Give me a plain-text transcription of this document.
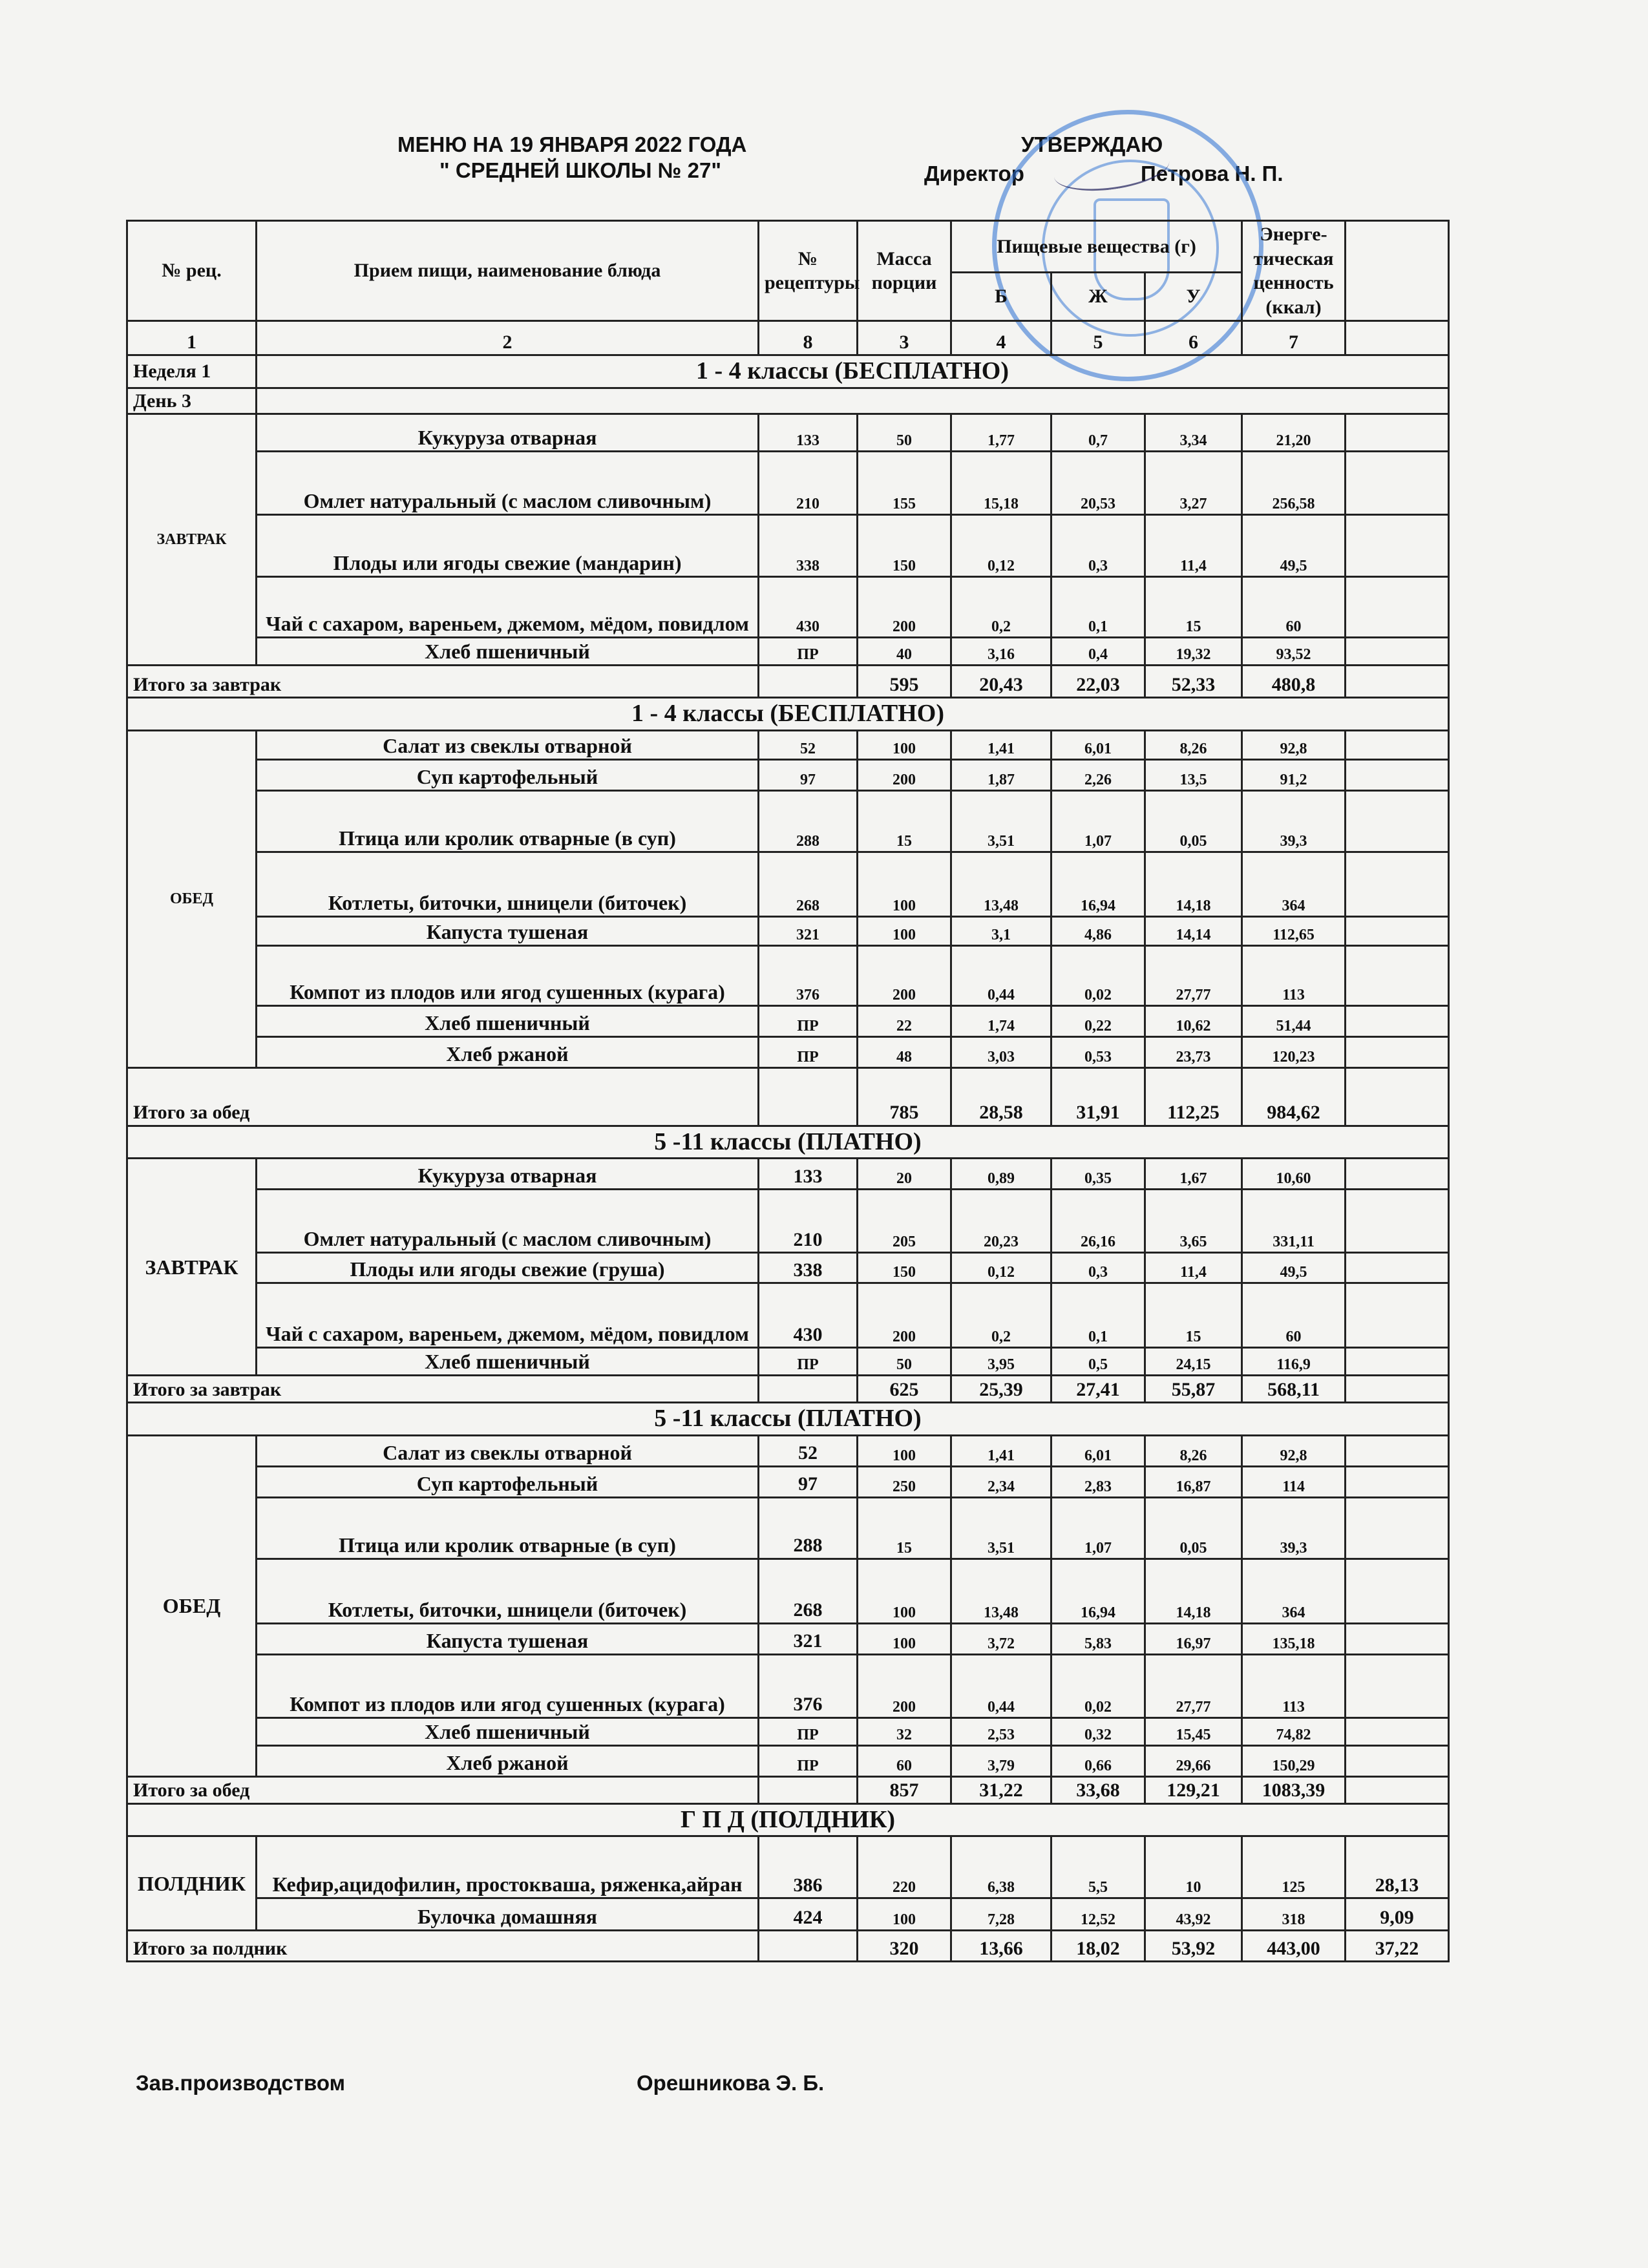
МЕНЮ НА 19 ЯНВАРЯ 2022 ГОДА
" СРЕДНЕЙ ШКОЛЫ № 27"
УТВЕРЖДАЮ
Директор	Петрова Н. П.
№ рец.	Прием пищи, наименование блюда	№ рецептуры	Масса порции	Пищевые вещества (г)			Энерге-тическая ценность (ккал)	
				Б	Ж	У		
1	2	8	3	4	5	6	7	
Неделя 1	1 - 4 классы (БЕСПЛАТНО)							
День 3								
ЗАВТРАК	Кукуруза отварная	133	50	1,77	0,7	3,34	21,20	
	Омлет натуральный (с маслом сливочным)	210	155	15,18	20,53	3,27	256,58	
	Плоды или ягоды свежие (мандарин)	338	150	0,12	0,3	11,4	49,5	
	Чай с сахаром, вареньем, джемом, мёдом, повидлом	430	200	0,2	0,1	15	60	
	Хлеб пшеничный	ПР	40	3,16	0,4	19,32	93,52	
Итого за завтрак			595	20,43	22,03	52,33	480,8	
1 - 4 классы (БЕСПЛАТНО)								
ОБЕД	Салат из свеклы отварной	52	100	1,41	6,01	8,26	92,8	
	Суп картофельный	97	200	1,87	2,26	13,5	91,2	
	Птица или кролик отварные (в суп)	288	15	3,51	1,07	0,05	39,3	
	Котлеты, биточки, шницели (биточек)	268	100	13,48	16,94	14,18	364	
	Капуста тушеная	321	100	3,1	4,86	14,14	112,65	
	Компот из плодов или ягод сушенных (курага)	376	200	0,44	0,02	27,77	113	
	Хлеб пшеничный	ПР	22	1,74	0,22	10,62	51,44	
	Хлеб ржаной	ПР	48	3,03	0,53	23,73	120,23	
Итого за обед			785	28,58	31,91	112,25	984,62	
5 -11 классы (ПЛАТНО)								
ЗАВТРАК	Кукуруза отварная	133	20	0,89	0,35	1,67	10,60	
	Омлет натуральный (с маслом сливочным)	210	205	20,23	26,16	3,65	331,11	
	Плоды или ягоды свежие (груша)	338	150	0,12	0,3	11,4	49,5	
	Чай с сахаром, вареньем, джемом, мёдом, повидлом	430	200	0,2	0,1	15	60	
	Хлеб пшеничный	ПР	50	3,95	0,5	24,15	116,9	
Итого за завтрак			625	25,39	27,41	55,87	568,11	
5 -11 классы (ПЛАТНО)								
ОБЕД	Салат из свеклы отварной	52	100	1,41	6,01	8,26	92,8	
	Суп картофельный	97	250	2,34	2,83	16,87	114	
	Птица или кролик отварные (в суп)	288	15	3,51	1,07	0,05	39,3	
	Котлеты, биточки, шницели (биточек)	268	100	13,48	16,94	14,18	364	
	Капуста тушеная	321	100	3,72	5,83	16,97	135,18	
	Компот из плодов или ягод сушенных (курага)	376	200	0,44	0,02	27,77	113	
	Хлеб пшеничный	ПР	32	2,53	0,32	15,45	74,82	
	Хлеб ржаной	ПР	60	3,79	0,66	29,66	150,29	
Итого за обед			857	31,22	33,68	129,21	1083,39	
Г П Д (ПОЛДНИК)								
ПОЛДНИК	Кефир,ацидофилин, простокваша, ряженка,айран	386	220	6,38	5,5	10	125	28,13
	Булочка домашняя	424	100	7,28	12,52	43,92	318	9,09
Итого за полдник			320	13,66	18,02	53,92	443,00	37,22
Зав.производством	Орешникова Э. Б.
